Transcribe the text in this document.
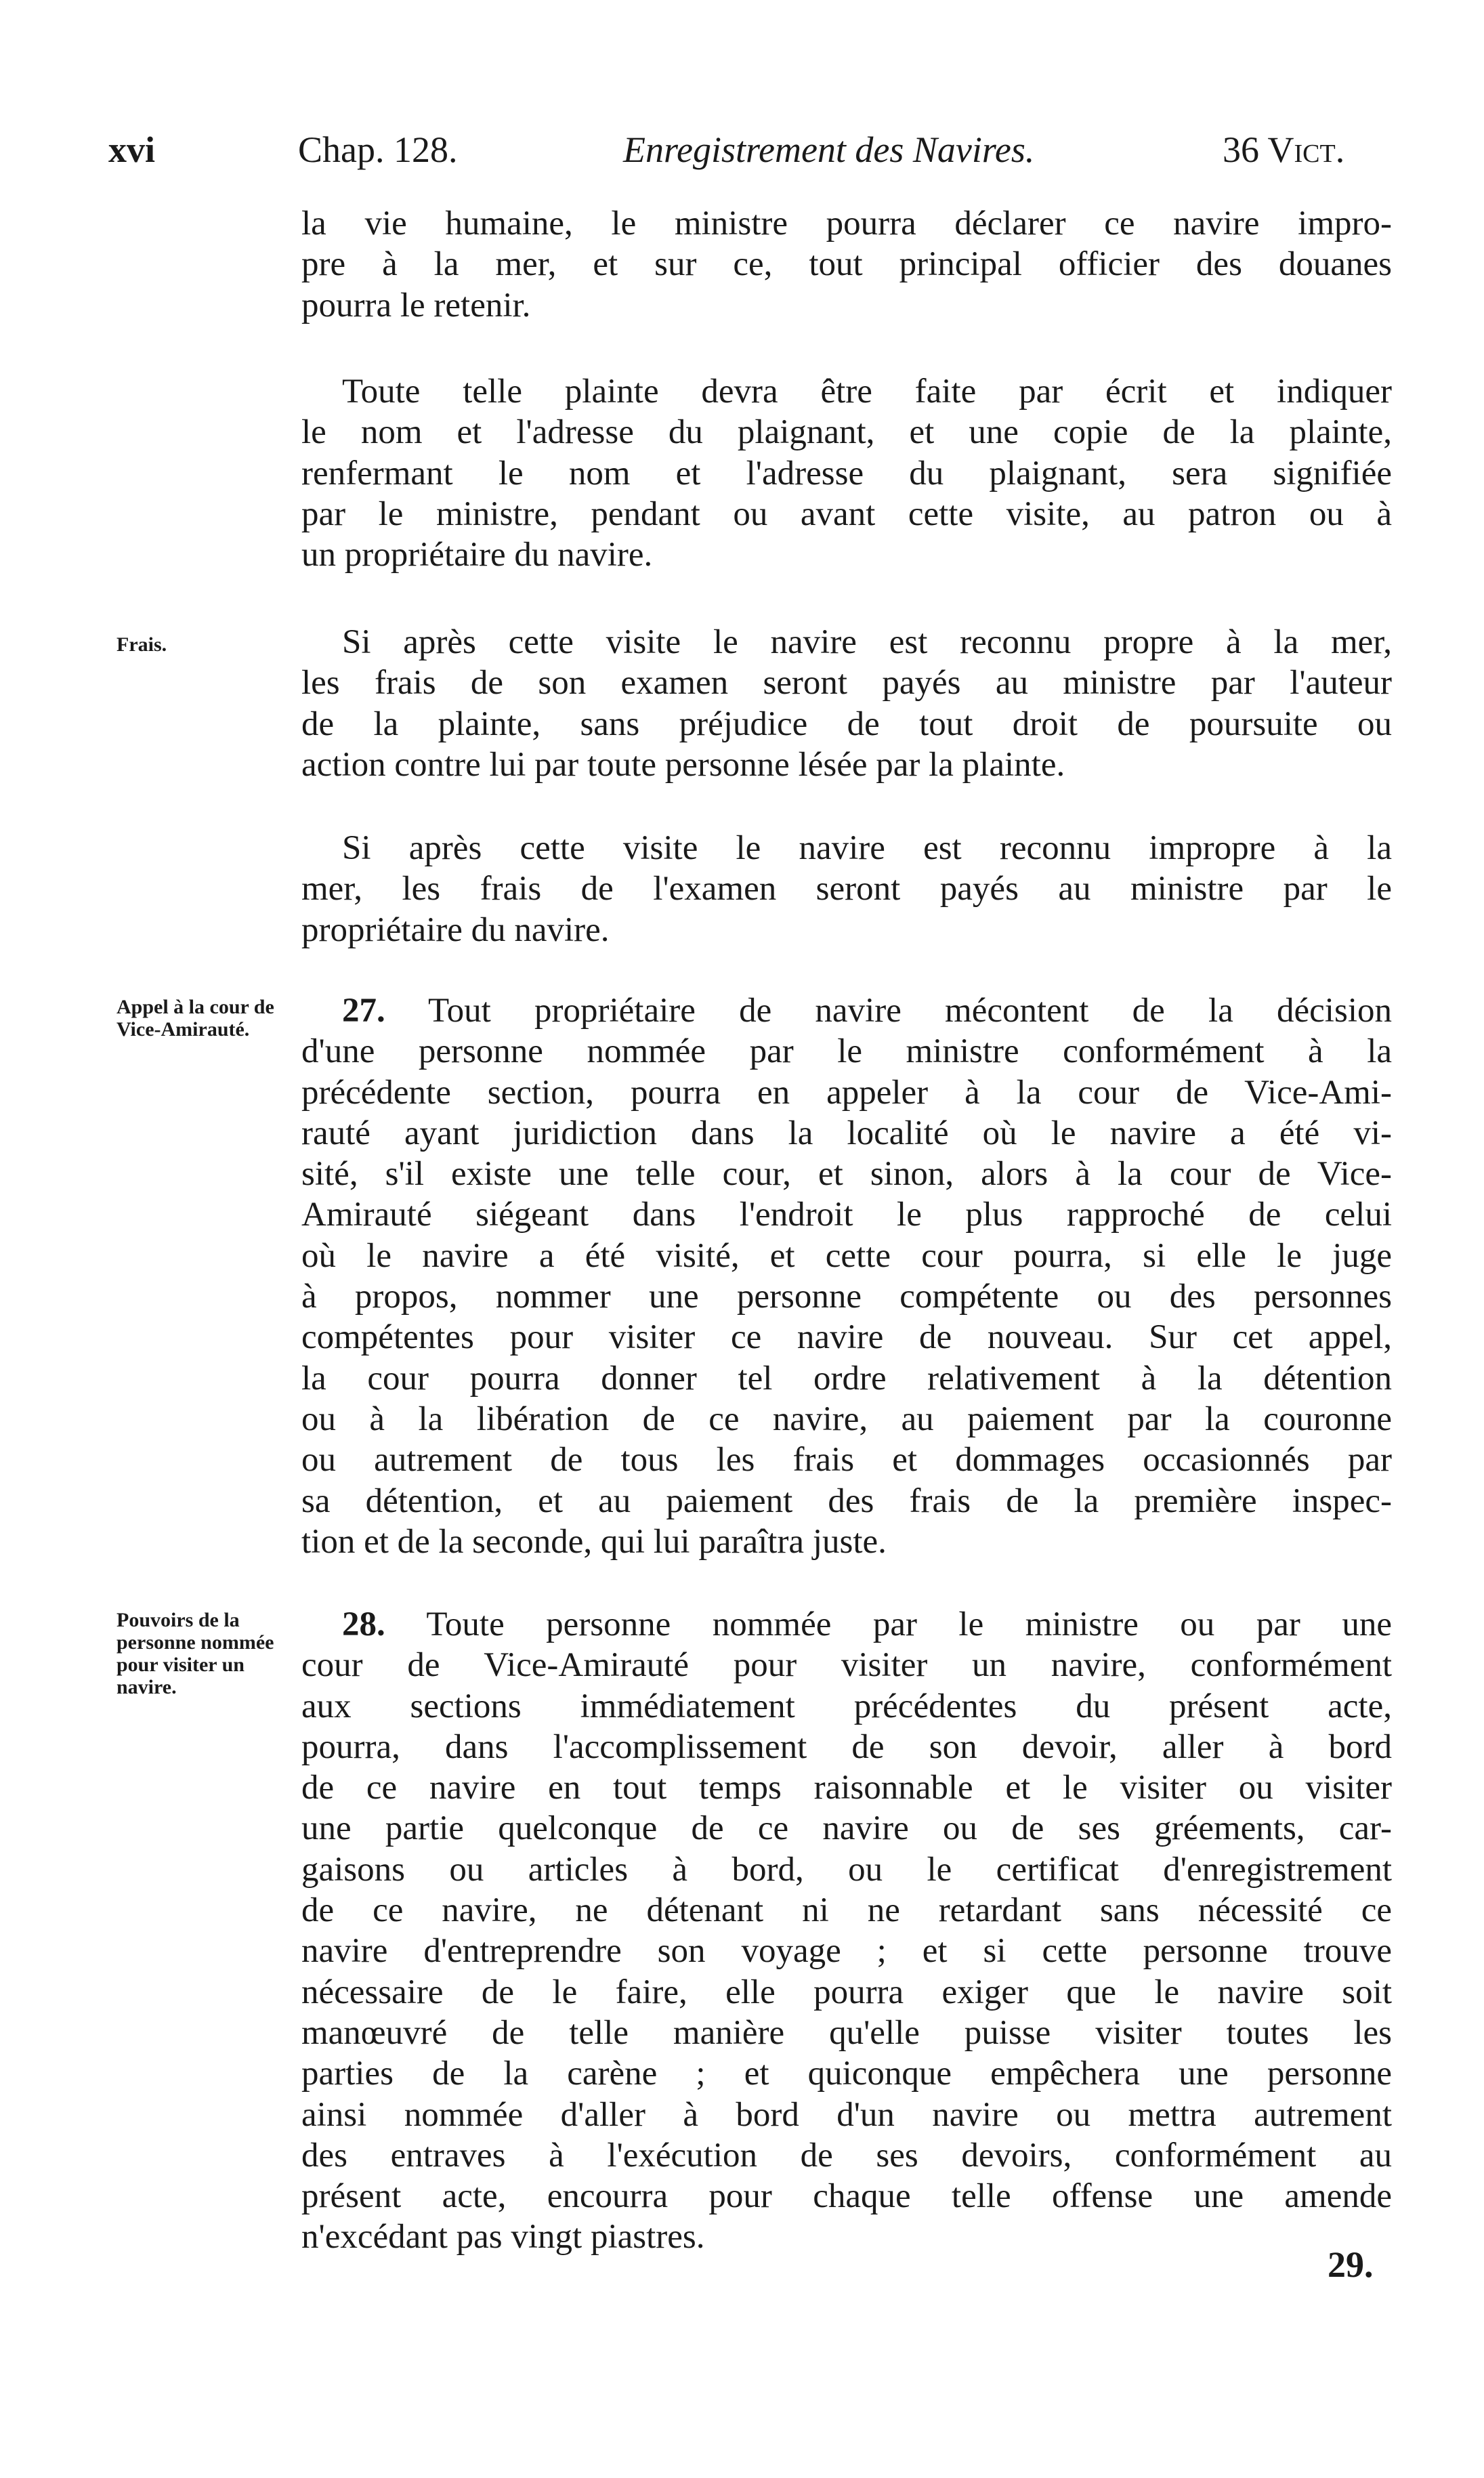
xvi	Chap. 128.	Enregistrement des Navires.	36 Vict.
la vie humaine, le ministre pourra déclarer ce navire impro-
pre à la mer, et sur ce, tout principal officier des douanes
pourra le retenir.
Toute telle plainte devra être faite par écrit et indiquer
le nom et l'adresse du plaignant, et une copie de la plainte,
renfermant le nom et l'adresse du plaignant, sera signifiée
par le ministre, pendant ou avant cette visite, au patron ou à
un propriétaire du navire.
Frais.	Si après cette visite le navire est reconnu propre à la mer,
les frais de son examen seront payés au ministre par l'auteur
de la plainte, sans préjudice de tout droit de poursuite ou
action contre lui par toute personne lésée par la plainte.
Si après cette visite le navire est reconnu impropre à la
mer, les frais de l'examen seront payés au ministre par le
propriétaire du navire.
Appel à la cour de Vice-Amirauté.	27. Tout propriétaire de navire mécontent de la décision
d'une personne nommée par le ministre conformément à la
précédente section, pourra en appeler à la cour de Vice-Ami-
rauté ayant juridiction dans la localité où le navire a été vi-
sité, s'il existe une telle cour, et sinon, alors à la cour de Vice-
Amirauté siégeant dans l'endroit le plus rapproché de celui
où le navire a été visité, et cette cour pourra, si elle le juge
à propos, nommer une personne compétente ou des personnes
compétentes pour visiter ce navire de nouveau. Sur cet appel,
la cour pourra donner tel ordre relativement à la détention
ou à la libération de ce navire, au paiement par la couronne
ou autrement de tous les frais et dommages occasionnés par
sa détention, et au paiement des frais de la première inspec-
tion et de la seconde, qui lui paraîtra juste.
Pouvoirs de la personne nommée pour visiter un navire.
28. Toute personne nommée par le ministre ou par une
cour de Vice-Amirauté pour visiter un navire, conformément
aux sections immédiatement précédentes du présent acte,
pourra, dans l'accomplissement de son devoir, aller à bord
de ce navire en tout temps raisonnable et le visiter ou visiter
une partie quelconque de ce navire ou de ses gréements, car-
gaisons ou articles à bord, ou le certificat d'enregistrement
de ce navire, ne détenant ni ne retardant sans nécessité ce
navire d'entreprendre son voyage ; et si cette personne trouve
nécessaire de le faire, elle pourra exiger que le navire soit
manœuvré de telle manière qu'elle puisse visiter toutes les
parties de la carène ; et quiconque empêchera une personne
ainsi nommée d'aller à bord d'un navire ou mettra autrement
des entraves à l'exécution de ses devoirs, conformément au
présent acte, encourra pour chaque telle offense une amende
n'excédant pas vingt piastres.
29.
